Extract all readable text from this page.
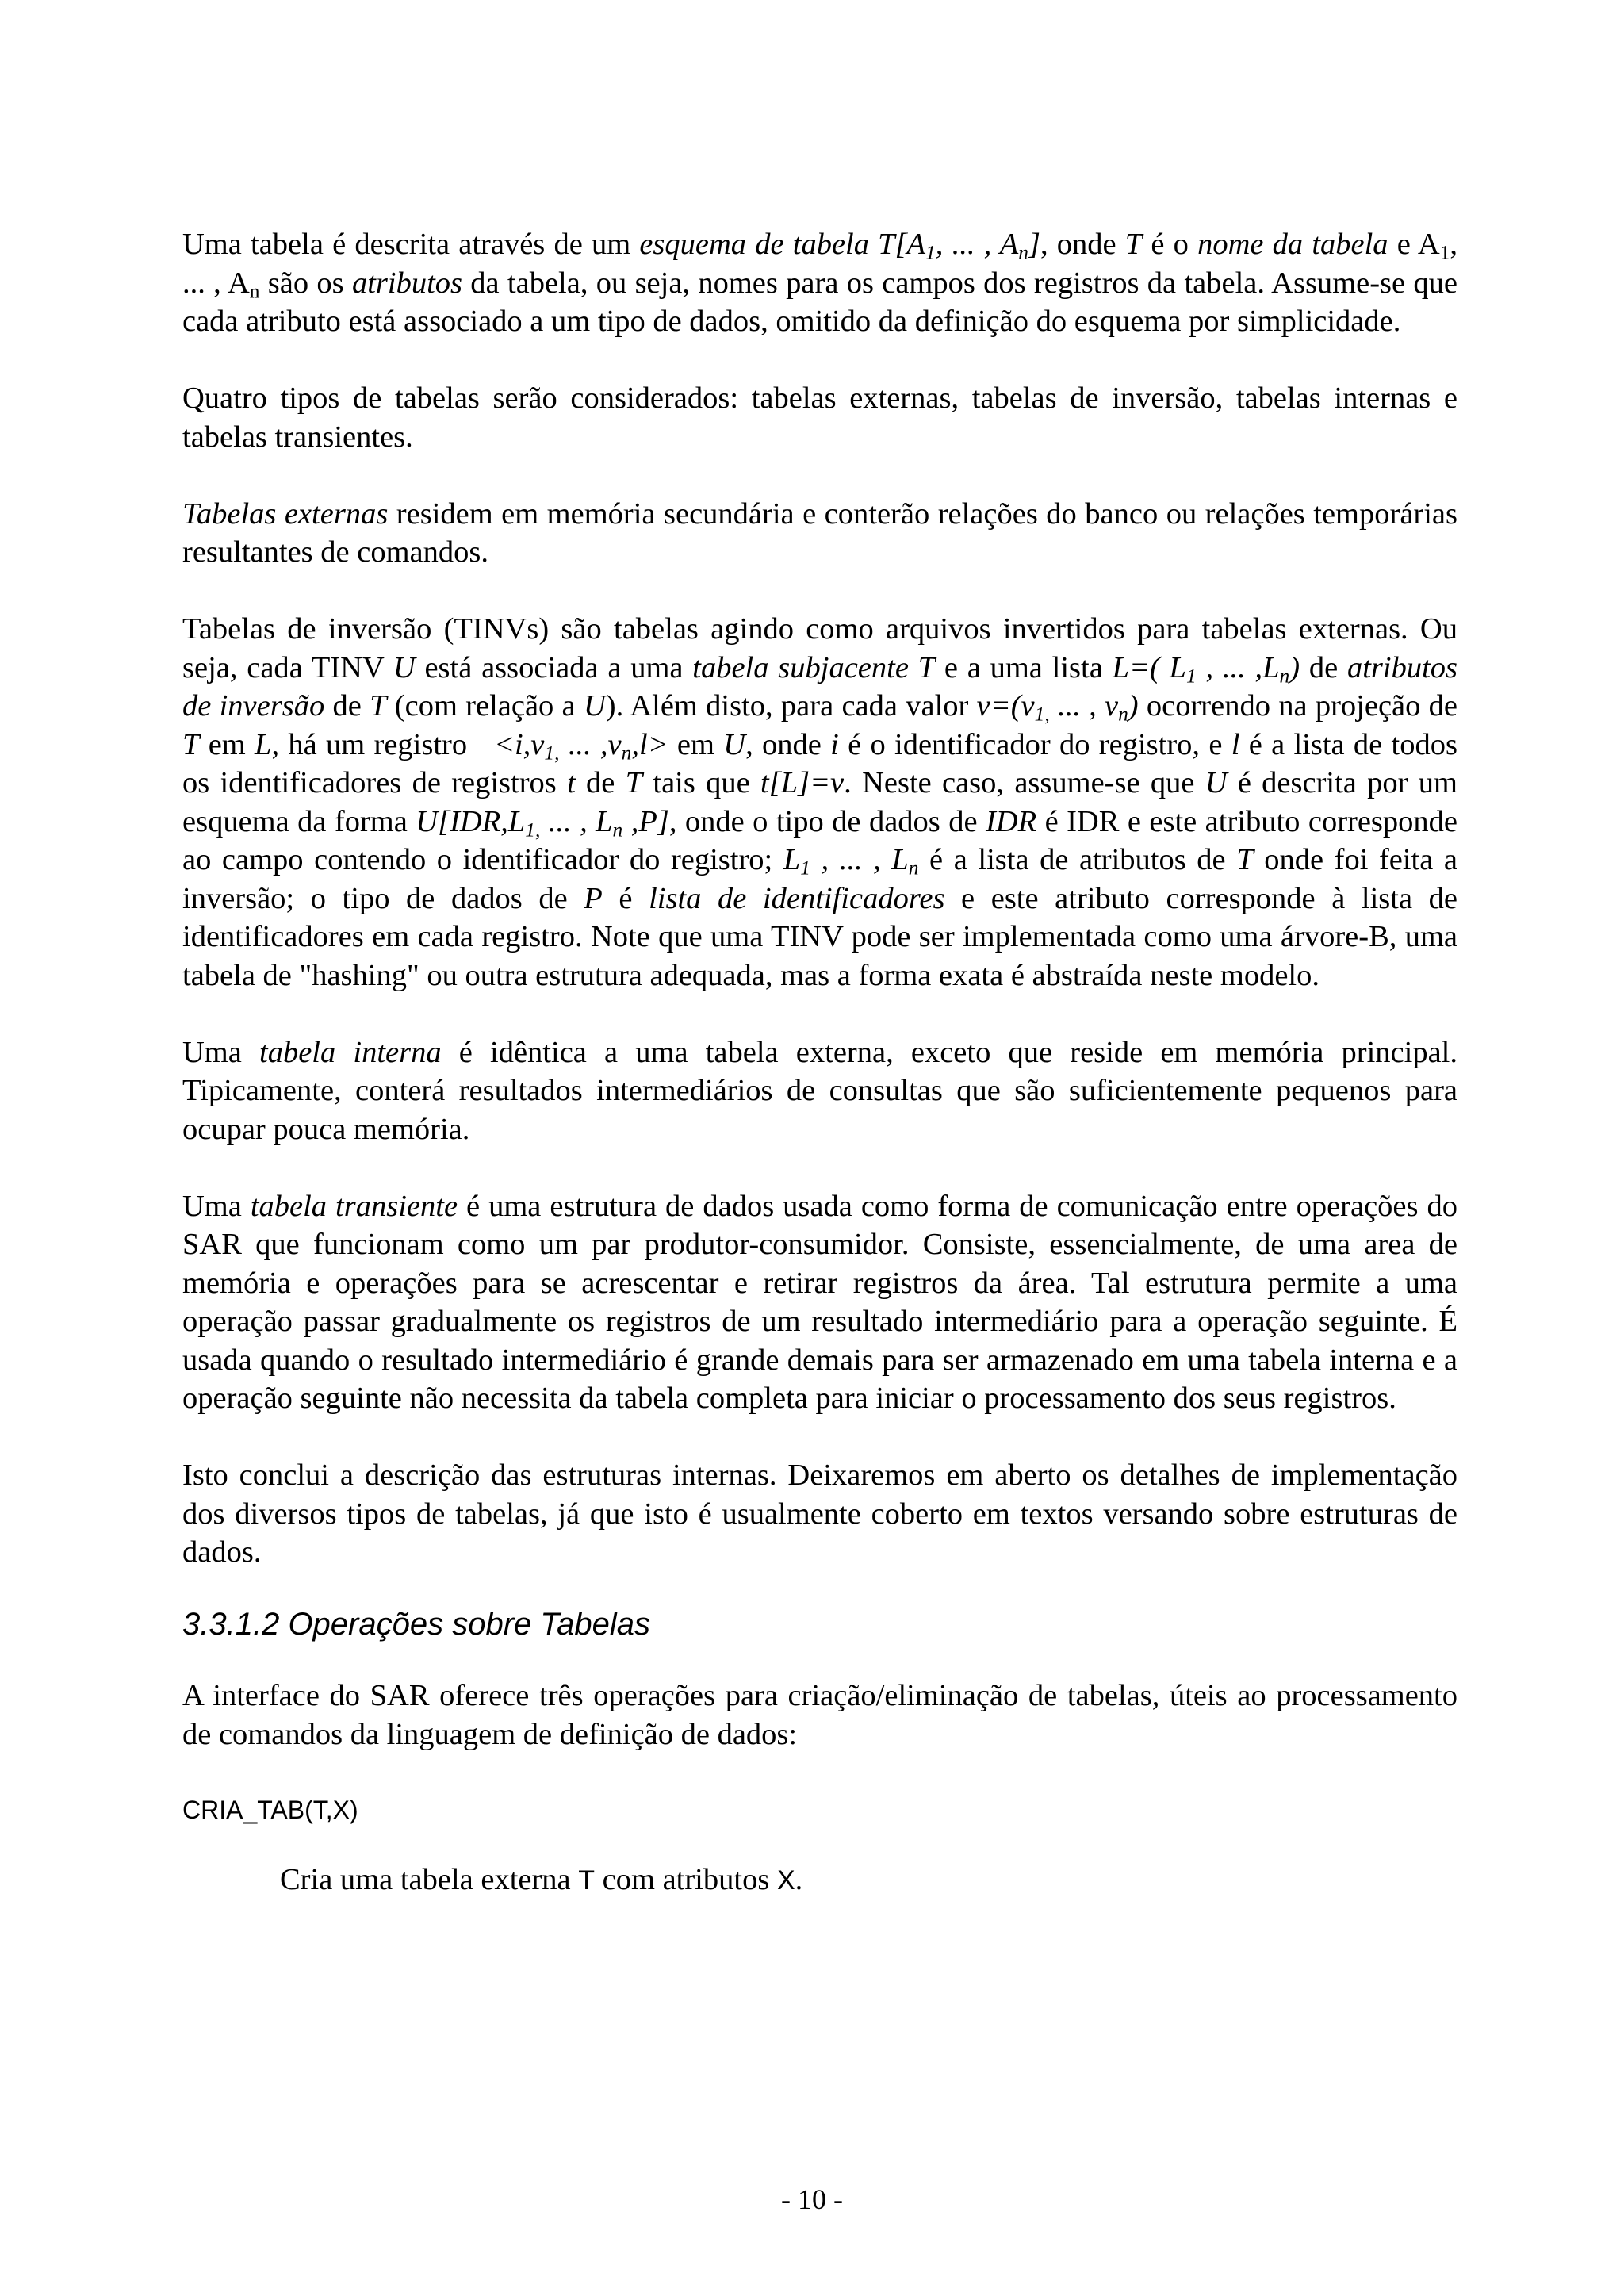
Uma tabela é descrita através de um esquema de tabela $T[A_1$, ... , $A_n$], onde T é o nome da tabela e $A_1$, ... , $A_n$ são os atributos da tabela, ou seja, nomes para os campos dos registros da tabela. Assume-se que cada atributo está associado a um tipo de dados, omitido da definição do esquema por simplicidade.

Quatro tipos de tabelas serão considerados: tabelas externas, tabelas de inversão, tabelas internas e tabelas transientes.

Tabelas externas residem em memória secundária e conterão relações do banco ou relações temporárias resultantes de comandos.

Tabelas de inversão (TINVs) são tabelas agindo como arquivos invertidos para tabelas externas. Ou seja, cada TINV U está associada a uma tabela subjacente T e a uma lista L=( $L_1$ , ... $,L_n$) de atributos de inversão de T (com relação a U). Além disto, para cada valor $v=(v_{1,}$ ... , $v_n$) ocorrendo na projeção de T em L, há um registro   $<i,v_{1,}$ ... $,v_n,l>$ em U, onde i é o identificador do registro, e l é a lista de todos os identificadores de registros t de T tais que t[L]=v. Neste caso, assume-se que U é descrita por um   esquema da forma $U[IDR,L_{1,}$ ... , $L_n$ ,P], onde o tipo de dados de IDR é IDR e este atributo corresponde ao campo contendo o identificador do registro; $L_1$ , ... , $L_n$ é a lista de atributos de T onde foi feita a inversão; o tipo de dados de P é lista de identificadores e este atributo corresponde à lista de identificadores em cada registro. Note que uma TINV pode ser implementada como uma árvore-B, uma tabela de "hashing" ou outra estrutura adequada, mas a forma exata é abstraída neste modelo.

Uma tabela interna é idêntica a uma tabela externa, exceto que reside em memória principal. Tipicamente, conterá resultados intermediários de consultas que são suficientemente pequenos para ocupar pouca memória.

Uma tabela transiente é uma estrutura de dados usada como forma de comunicação entre operações do SAR que funcionam como um par produtor-consumidor. Consiste, essencialmente, de uma area de memória e operações para se acrescentar e retirar registros da área. Tal estrutura permite a uma operação passar gradualmente os registros de um resultado intermediário para a operação seguinte. É usada quando o resultado intermediário é grande demais para ser armazenado em uma tabela interna e a operação seguinte não necessita da tabela completa para iniciar o processamento dos seus registros.

Isto conclui a descrição das estruturas internas. Deixaremos em aberto os detalhes de implementação dos diversos tipos de tabelas, já que isto é usualmente coberto em textos versando sobre estruturas de dados.

3.3.1.2 Operações sobre Tabelas

A interface do SAR oferece três operações para criação/eliminação de tabelas, úteis ao processamento de comandos da linguagem de definição de dados:

CRIA_TAB(T,X)

Cria uma tabela externa T com atributos X.

- 10 -
